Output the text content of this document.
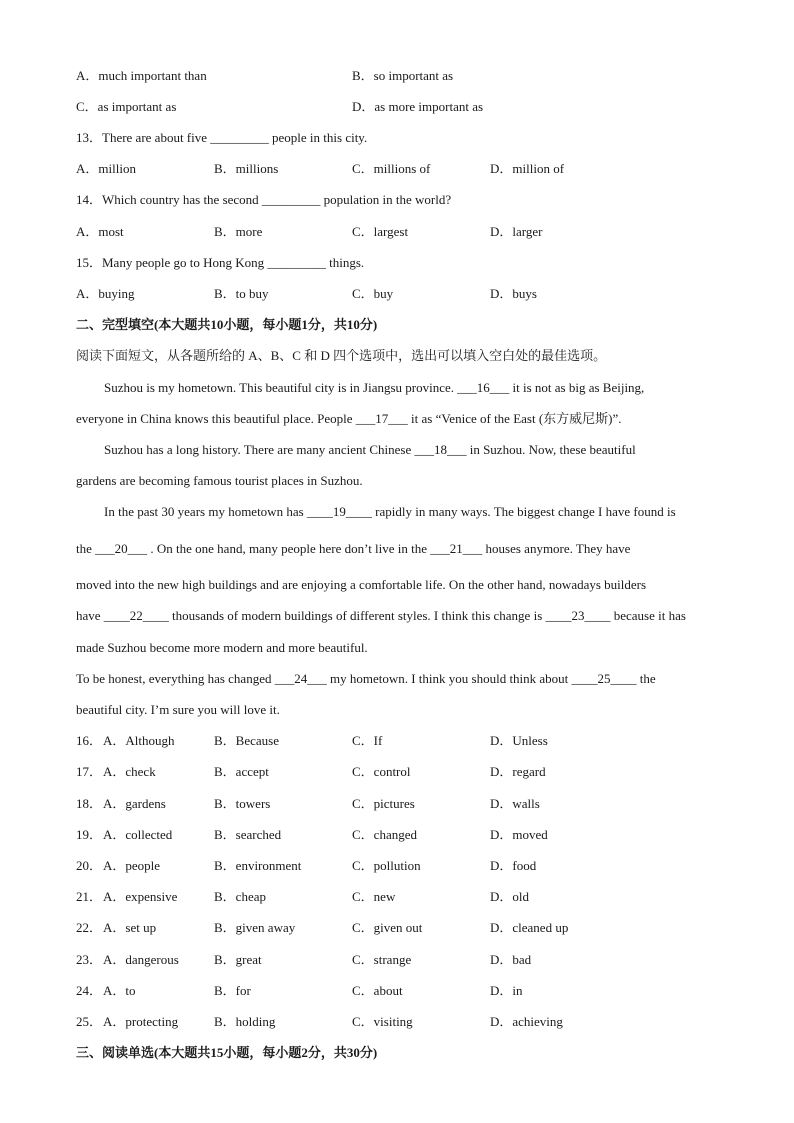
A．much important than	B．so important as
C．as important as	D．as more important as
13．There are about five _________ people in this city.
A．million	B．millions	C．millions of	D．million of
14．Which country has the second _________ population in the world?
A．most	B．more	C．largest	D．larger
15．Many people go to Hong Kong _________ things.
A．buying	B．to buy	C．buy	D．buys
二、完型填空(本大题共10小题，每小题1分，共10分)
阅读下面短文，从各题所给的 A、B、C 和 D 四个选项中，选出可以填入空白处的最佳选项。
Suzhou is my hometown. This beautiful city is in Jiangsu province. ___16___ it is not as big as Beijing,
everyone in China knows this beautiful place. People ___17___ it as “Venice of the East (东方威尼斯)”.
Suzhou has a long history. There are many ancient Chinese ___18___ in Suzhou. Now, these beautiful
gardens are becoming famous tourist places in Suzhou.
In the past 30 years my hometown has ____19____ rapidly in many ways. The biggest change I have found is
the ___20___ . On the one hand, many people here don’t live in the ___21___ houses anymore. They have
moved into the new high buildings and are enjoying a comfortable life. On the other hand, nowadays builders
have ____22____ thousands of modern buildings of different styles. I think this change is ____23____ because it has
made Suzhou become more modern and more beautiful.
To be honest, everything has changed ___24___ my hometown. I think you should think about ____25____ the
beautiful city. I’m sure you will love it.
16． A．Although	B．Because	C．If	D．Unless
17． A．check	B．accept	C．control	D．regard
18． A．gardens	B．towers	C．pictures	D．walls
19． A．collected	B．searched	C．changed	D．moved
20． A．people	B．environment	C．pollution	D．food
21． A．expensive	B．cheap	C．new	D．old
22． A．set up	B．given away	C．given out	D．cleaned up
23． A．dangerous	B．great	C．strange	D．bad
24． A．to	B．for	C．about	D．in
25． A．protecting	B．holding	C．visiting	D．achieving
三、阅读单选(本大题共15小题，每小题2分，共30分)
